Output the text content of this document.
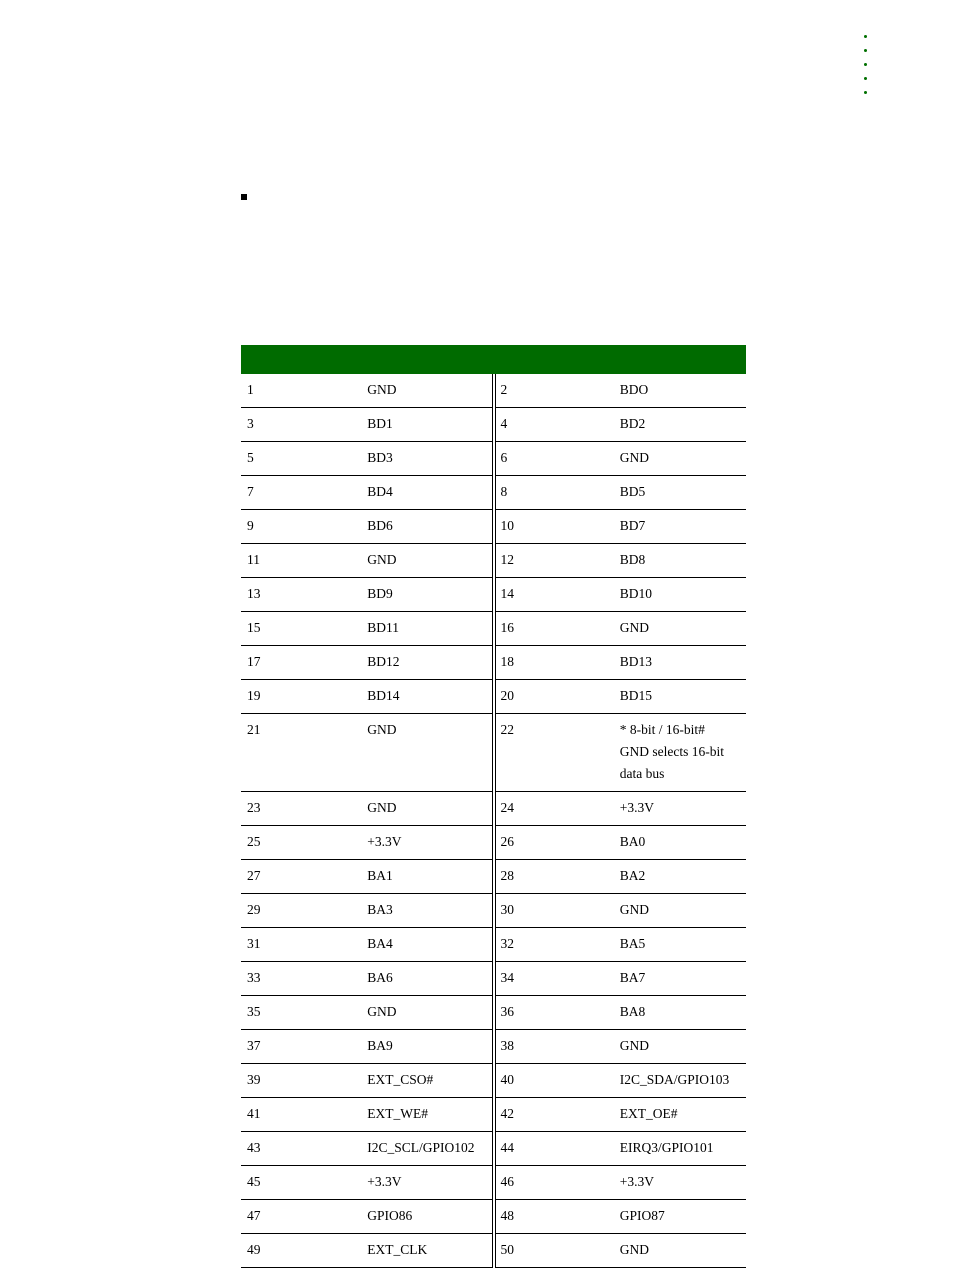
1	GND	2	BDO
3	BD1	4	BD2
5	BD3	6	GND
7	BD4	8	BD5
9	BD6	10	BD7
11	GND	12	BD8
13	BD9	14	BD10
15	BD11	16	GND
17	BD12	18	BD13
19	BD14	20	BD15
21	GND	22	* 8-bit / 16-bit#
GND selects 16-bit data bus

23	GND	24	+3.3V
25	+3.3V	26	BA0
27	BA1	28	BA2
29	BA3	30	GND
31	BA4	32	BA5
33	BA6	34	BA7
35	GND	36	BA8
37	BA9	38	GND
39	EXT_CSO#	40	I2C_SDA/GPIO103
41	EXT_WE#	42	EXT_OE#
43	I2C_SCL/GPIO102	44	EIRQ3/GPIO101
45	+3.3V	46	+3.3V
47	GPIO86	48	GPIO87
49	EXT_CLK	50	GND
